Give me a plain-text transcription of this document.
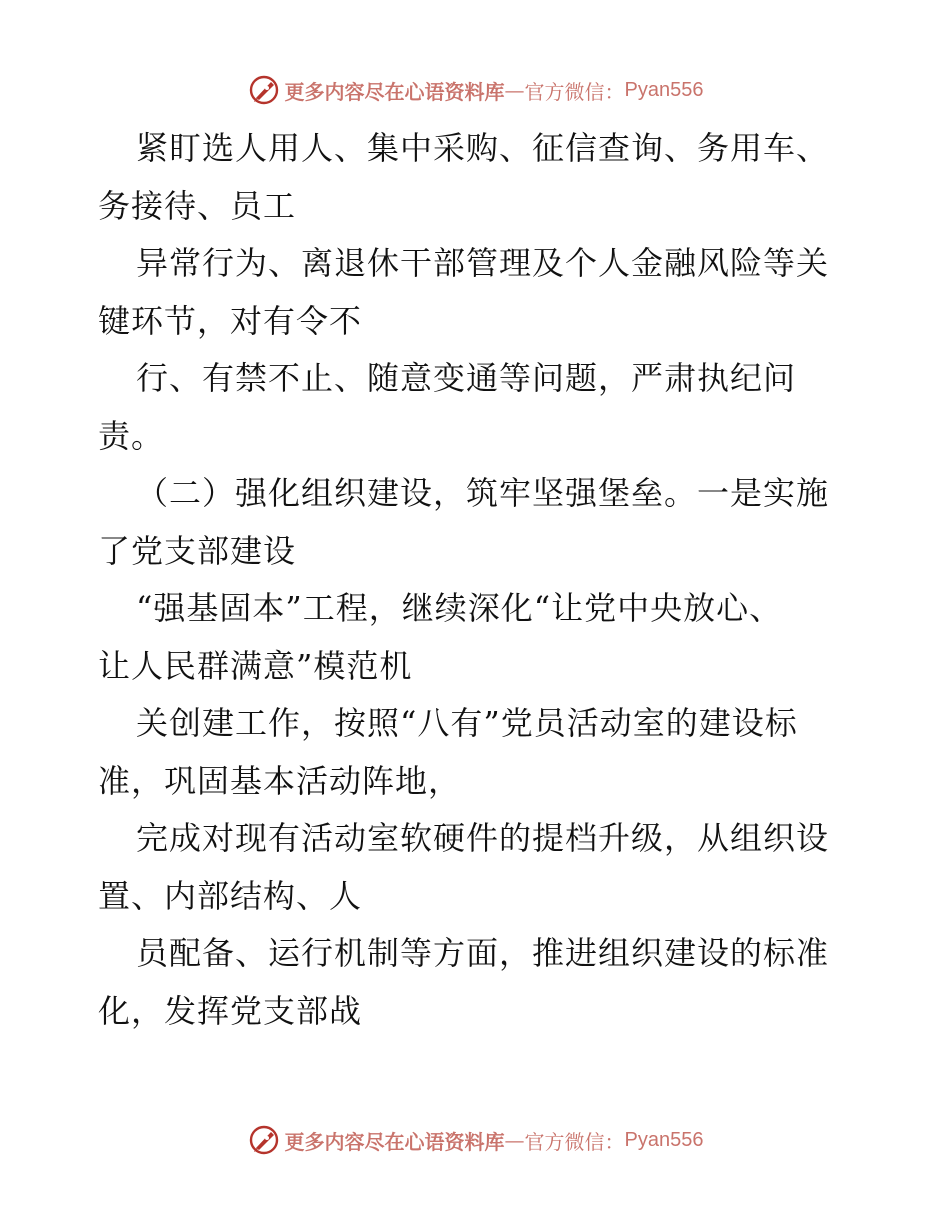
更多内容尽在心语资料库 — 官方微信： Pyan556
紧盯选人用人、集中采购、征信查询、务用车、
务接待、员工
异常行为、离退休干部管理及个人金融风险等关
键环节，对有令不
行、有禁不止、随意变通等问题，严肃执纪问
责。
（二）强化组织建设，筑牢坚强堡垒。一是实施
了党支部建设
“强基固本”工程，继续深化“让党中央放心、
让人民群满意”模范机
关创建工作，按照“八有”党员活动室的建设标
准，巩固基本活动阵地，
完成对现有活动室软硬件的提档升级，从组织设
置、内部结构、人
员配备、运行机制等方面，推进组织建设的标准
化，发挥党支部战
更多内容尽在心语资料库 — 官方微信： Pyan556
